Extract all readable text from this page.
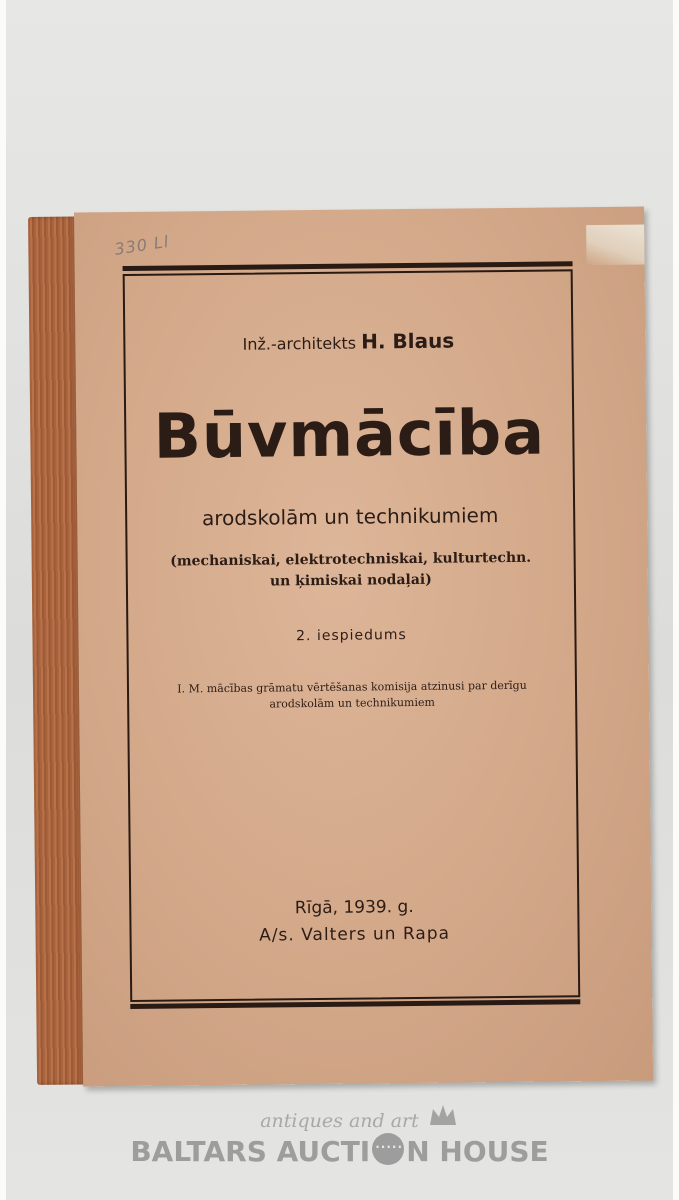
330 Ll
Inž.-architekts H. Blaus
Būvmācība
arodskolām un technikumiem
(mechaniskai, elektrotechniskai, kulturtechn.
un ķimiskai nodaļai)
2. iespiedums
I. M. mācības grāmatu vērtēšanas komisija atzinusi par derīgu
arodskolām un technikumiem
Rīgā, 1939. g.
A/s. Valters un Rapa
antiques and art
BALTARS AUCTI..... N HOUSE
